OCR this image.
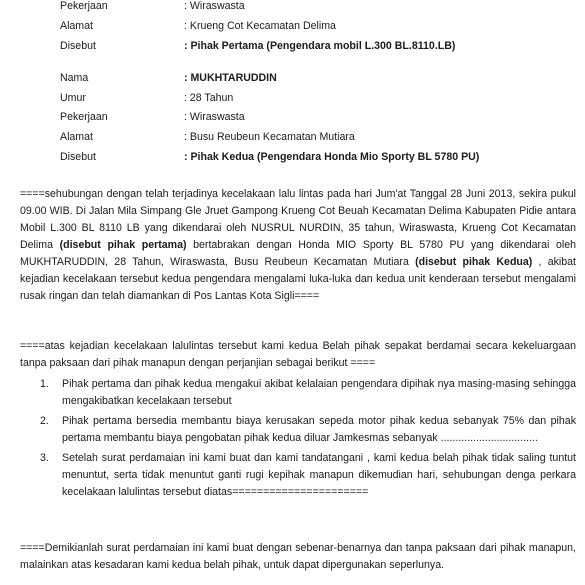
Pekerjaan	: Wiraswasta
Alamat	: Krueng Cot Kecamatan Delima
Disebut	: Pihak Pertama (Pengendara mobil L.300 BL.8110.LB)
Nama	: MUKHTARUDDIN
Umur	: 28 Tahun
Pekerjaan	: Wiraswasta
Alamat	: Busu Reubeun Kecamatan Mutiara
Disebut	: Pihak Kedua (Pengendara Honda Mio Sporty BL 5780 PU)

====sehubungan dengan telah terjadinya kecelakaan lalu lintas pada hari Jum'at Tanggal 28 Juni 2013, sekira pukul 09.00 WIB. Di Jalan Mila Simpang Gle Jruet Gampong Krueng Cot Beuah Kecamatan Delima Kabupaten Pidie antara Mobil L.300 BL 8110 LB yang dikendarai oleh NUSRUL NURDIN, 35 tahun, Wiraswasta, Krueng Cot Kecamatan Delima (disebut pihak pertama) bertabrakan dengan Honda MIO Sporty BL 5780 PU yang dikendarai oleh MUKHTARUDDIN, 28 Tahun, Wiraswasta, Busu Reubeun Kecamatan Mutiara (disebut pihak Kedua) , akibat kejadian kecelakaan tersebut kedua pengendara mengalami luka-luka dan kedua unit kenderaan tersebut mengalami rusak ringan dan telah diamankan di Pos Lantas Kota Sigli====

====atas kejadian kecelakaan lalulintas tersebut kami kedua Belah pihak sepakat berdamai secara kekeluargaan tanpa paksaan dari pihak manapun dengan perjanjian sebagai berikut ====

1. Pihak pertama dan pihak kedua mengakui akibat kelalaian pengendara dipihak nya masing-masing sehingga mengakibatkan kecelakaan tersebut
2. Pihak pertama bersedia membantu biaya kerusakan sepeda motor pihak kedua sebanyak 75% dan pihak pertama membantu biaya pengobatan pihak kedua diluar Jamkesmas sebanyak .................................
3. Setelah surat perdamaian ini kami buat dan kami tandatangani , kami kedua belah pihak tidak saling tuntut menuntut, serta tidak menuntut ganti rugi kepihak manapun dikemudian hari, sehubungan denga perkara kecelakaan lalulintas tersebut diatas======================

====Demikianlah surat perdamaian ini kami buat dengan sebenar-benarnya dan tanpa paksaan dari pihak manapun, malainkan atas kesadaran kami kedua belah pihak, untuk dapat dipergunakan seperlunya.
